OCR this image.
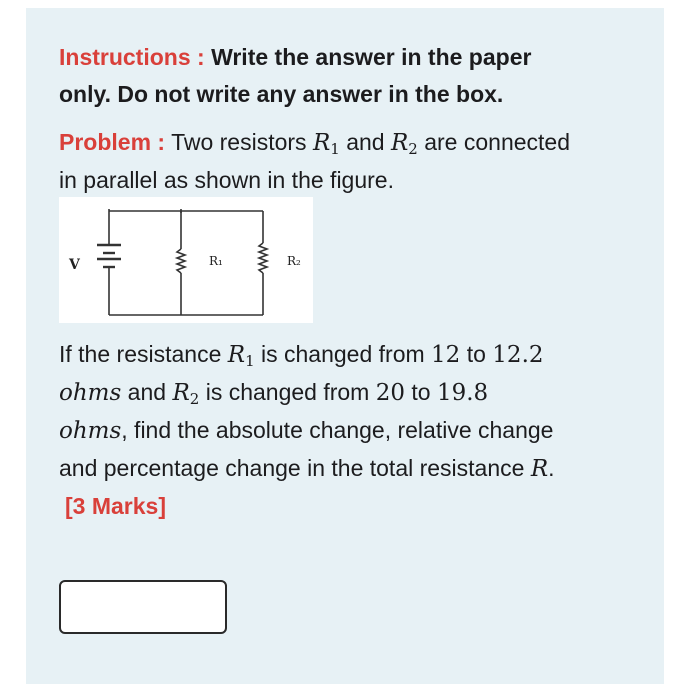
Instructions : Write the answer in the paper
only. Do not write any answer in the box.
Problem : Two resistors $R_1$ and $R_2$ are connected
in parallel as shown in the figure.
V	R₁	R₂
If the resistance $R_1$ is changed from 12 to 12.2
ohms and $R_2$ is changed from 20 to 19.8
ohms, find the absolute change, relative change
and percentage change in the total resistance R.
[3 Marks]
